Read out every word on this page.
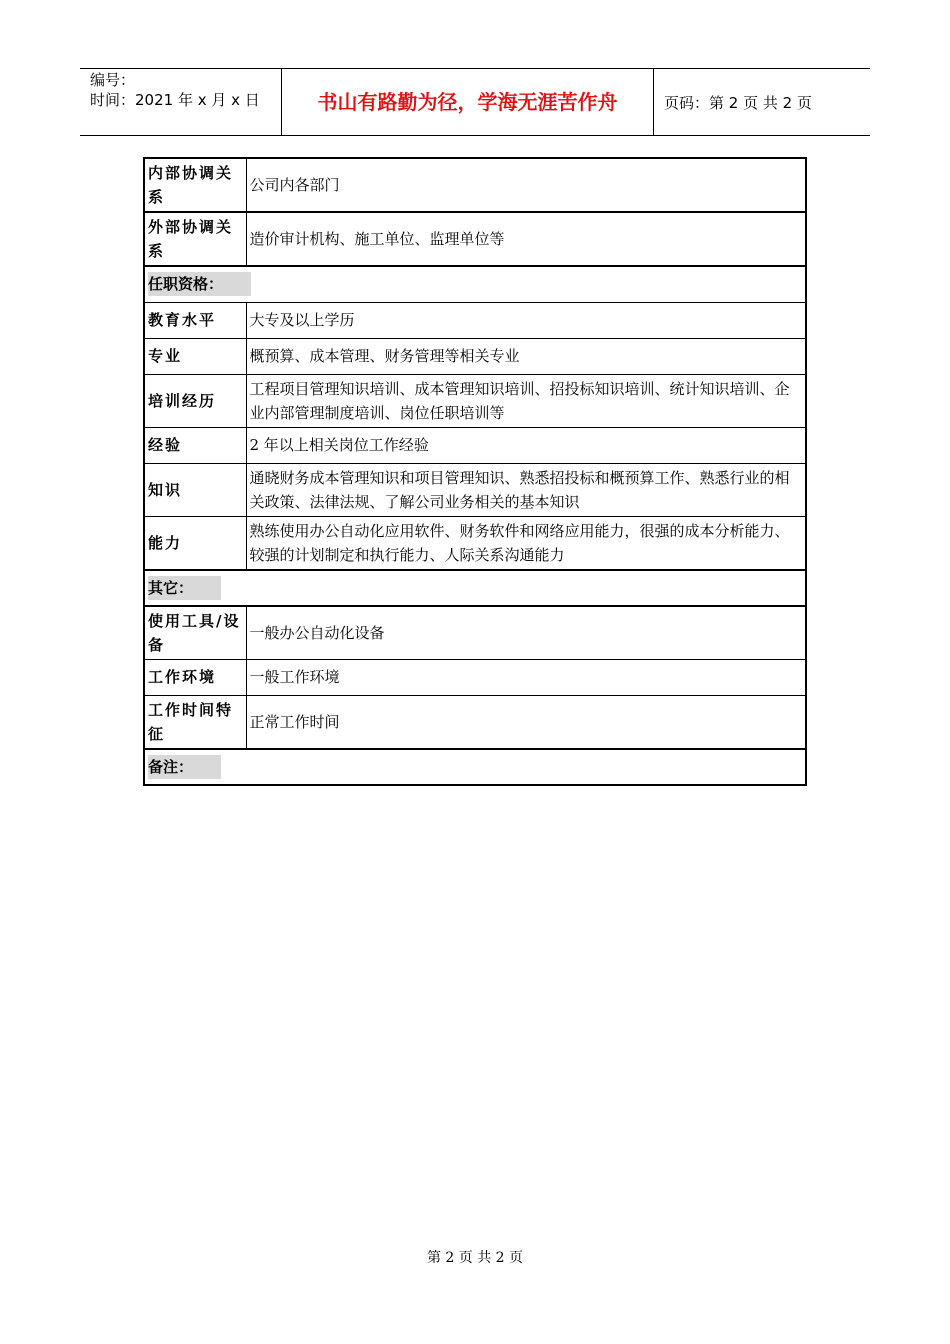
编号：
时间：2021 年 x 月 x 日	书山有路勤为径，学海无涯苦作舟	页码：第 2 页 共 2 页
内部协调关系	公司内各部门
外部协调关系	造价审计机构、施工单位、监理单位等
任职资格：	
教育水平	大专及以上学历
专业	概预算、成本管理、财务管理等相关专业
培训经历	工程项目管理知识培训、成本管理知识培训、招投标知识培训、统计知识培训、企业内部管理制度培训、岗位任职培训等
经验	2 年以上相关岗位工作经验
知识	通晓财务成本管理知识和项目管理知识、熟悉招投标和概预算工作、熟悉行业的相关政策、法律法规、了解公司业务相关的基本知识
能力	熟练使用办公自动化应用软件、财务软件和网络应用能力，很强的成本分析能力、较强的计划制定和执行能力、人际关系沟通能力
其它：	
使用工具/设备	一般办公自动化设备
工作环境	一般工作环境
工作时间特征	正常工作时间
备注：	
第 2 页 共 2 页
